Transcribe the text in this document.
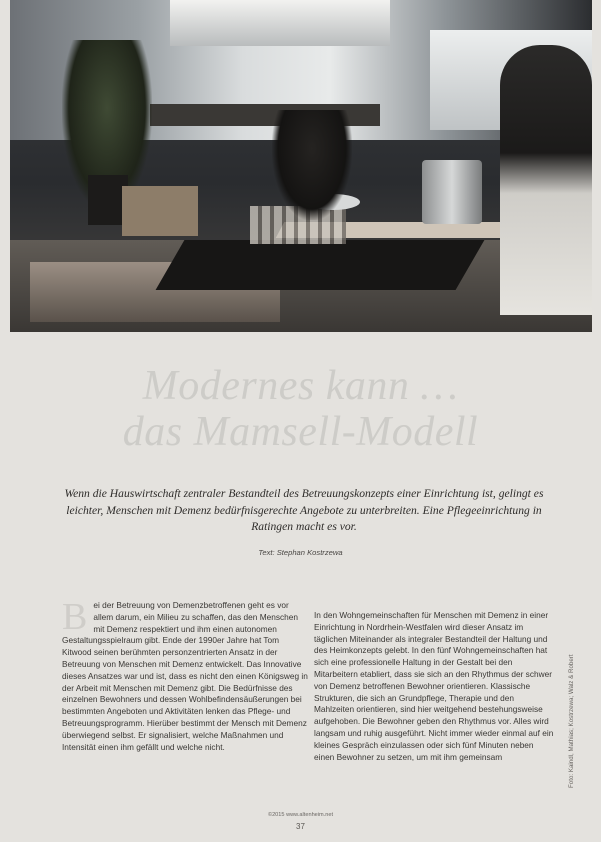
Modernes kann …
das Mamsell-Modell
Wenn die Hauswirtschaft zentraler Bestandteil des Betreuungskonzepts einer Einrichtung ist, gelingt es leichter, Menschen mit Demenz bedürfnisgerechte Angebote zu unterbreiten. Eine Pflegeeinrichtung in Ratingen macht es vor.
Text: Stephan Kostrzewa
B ei der Betreuung von Demenzbetroffenen geht es vor allem darum, ein Milieu zu schaffen, das den Menschen mit Demenz respektiert und ihm einen autonomen Gestaltungsspielraum gibt. Ende der 1990er Jahre hat Tom Kitwood seinen berühmten personzentrierten Ansatz in der Betreuung von Menschen mit Demenz entwickelt. Das Innovative dieses Ansatzes war und ist, dass es nicht den einen Königsweg in der Arbeit mit Menschen mit Demenz gibt. Die Bedürfnisse des einzelnen Bewohners und dessen Wohlbefindensäußerungen bei bestimmten Angeboten und Aktivitäten lenken das Pflege- und Betreuungsprogramm. Hierüber bestimmt der Mensch mit Demenz überwiegend selbst. Er signalisiert, welche Maßnahmen und Intensität einen ihm gefällt und welche nicht.

In den Wohngemeinschaften für Menschen mit Demenz in einer Einrichtung in Nordrhein-Westfalen wird dieser Ansatz im täglichen Miteinander als integraler Bestandteil der Haltung und des Heimkonzepts gelebt. In den fünf Wohngemeinschaften hat sich eine professionelle Haltung in der Gestalt bei den Mitarbeitern etabliert, dass sie sich an den Rhythmus der schwer von Demenz betroffenen Bewohner orientieren. Klassische Strukturen, die sich an Grundpflege, Therapie und den Mahlzeiten orientieren, sind hier weitgehend bestehungsweise aufgehoben. Die Bewohner geben den Rhythmus vor. Alles wird langsam und ruhig ausgeführt. Nicht immer wieder einmal auf ein kleines Gespräch einzulassen oder sich fünf Minuten neben einen Bewohner zu setzen, um mit ihm gemeinsam	Foto: Kaindl, Mathias; Kostrzewa; Walz & Robert
©2015 www.altenheim.net
37
